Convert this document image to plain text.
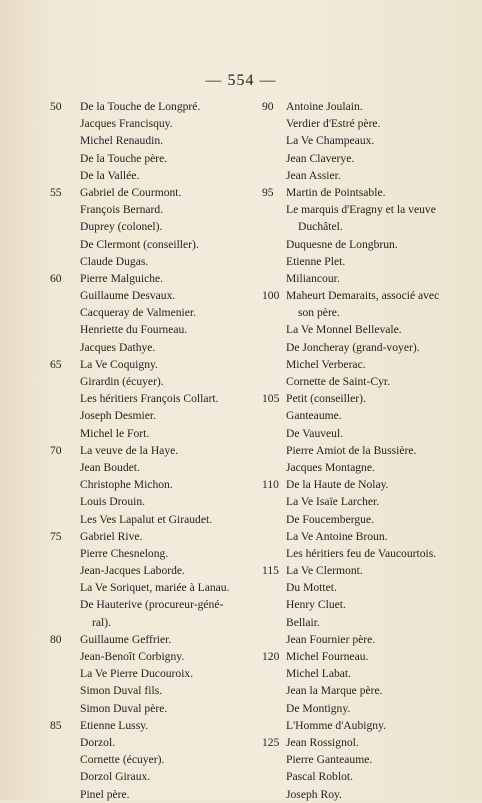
— 554 —
50	De la Touche de Longpré.
Jacques Francisquy.
Michel Renaudin.
De la Touche père.
De la Vallée.
55	Gabriel de Courmont.
François Bernard.
Duprey (colonel).
De Clermont (conseiller).
Claude Dugas.
60	Pierre Malguiche.
Guillaume Desvaux.
Cacqueray de Valmenier.
Henriette du Fourneau.
Jacques Dathye.
65	La Ve Coquigny.
Girardin (écuyer).
Les héritiers François Collart.
Joseph Desmier.
Michel le Fort.
70	La veuve de la Haye.
Jean Boudet.
Christophe Michon.
Louis Drouin.
Les Ves Lapalut et Giraudet.
75	Gabriel Rive.
Pierre Chesnelong.
Jean-Jacques Laborde.
La Ve Soriquet, mariée à Lanau.
De Hauterive (procureur-géné-
ral).
80	Guillaume Geffrier.
Jean-Benoît Corbigny.
La Ve Pierre Ducouroix.
Simon Duval fils.
Simon Duval père.
85	Etienne Lussy.
Dorzol.
Cornette (écuyer).
Dorzol Giraux.
Pinel père.
90	Antoine Joulain.
Verdier d'Estré père.
La Ve Champeaux.
Jean Claverye.
Jean Assier.
95	Martin de Pointsable.
Le marquis d'Eragny et la veuve
Duchâtel.
Duquesne de Longbrun.
Etienne Plet.
Miliancour.
100 Maheurt Demaraits, associé avec
son père.
La Ve Monnel Bellevale.
De Joncheray (grand-voyer).
Michel Verberac.
Cornette de Saint-Cyr.
105 Petit (conseiller).
Ganteaume.
De Vauveul.
Pierre Amiot de la Bussière.
Jacques Montagne.
110 De la Haute de Nolay.
La Ve Isaïe Larcher.
De Foucembergue.
La Ve Antoine Broun.
Les héritiers feu de Vaucourtois.
115 La Ve Clermont.
Du Mottet.
Henry Cluet.
Bellair.
Jean Fournier père.
120 Michel Fourneau.
Michel Labat.
Jean la Marque père.
De Montigny.
L'Homme d'Aubigny.
125 Jean Rossignol.
Pierre Ganteaume.
Pascal Roblot.
Joseph Roy.
